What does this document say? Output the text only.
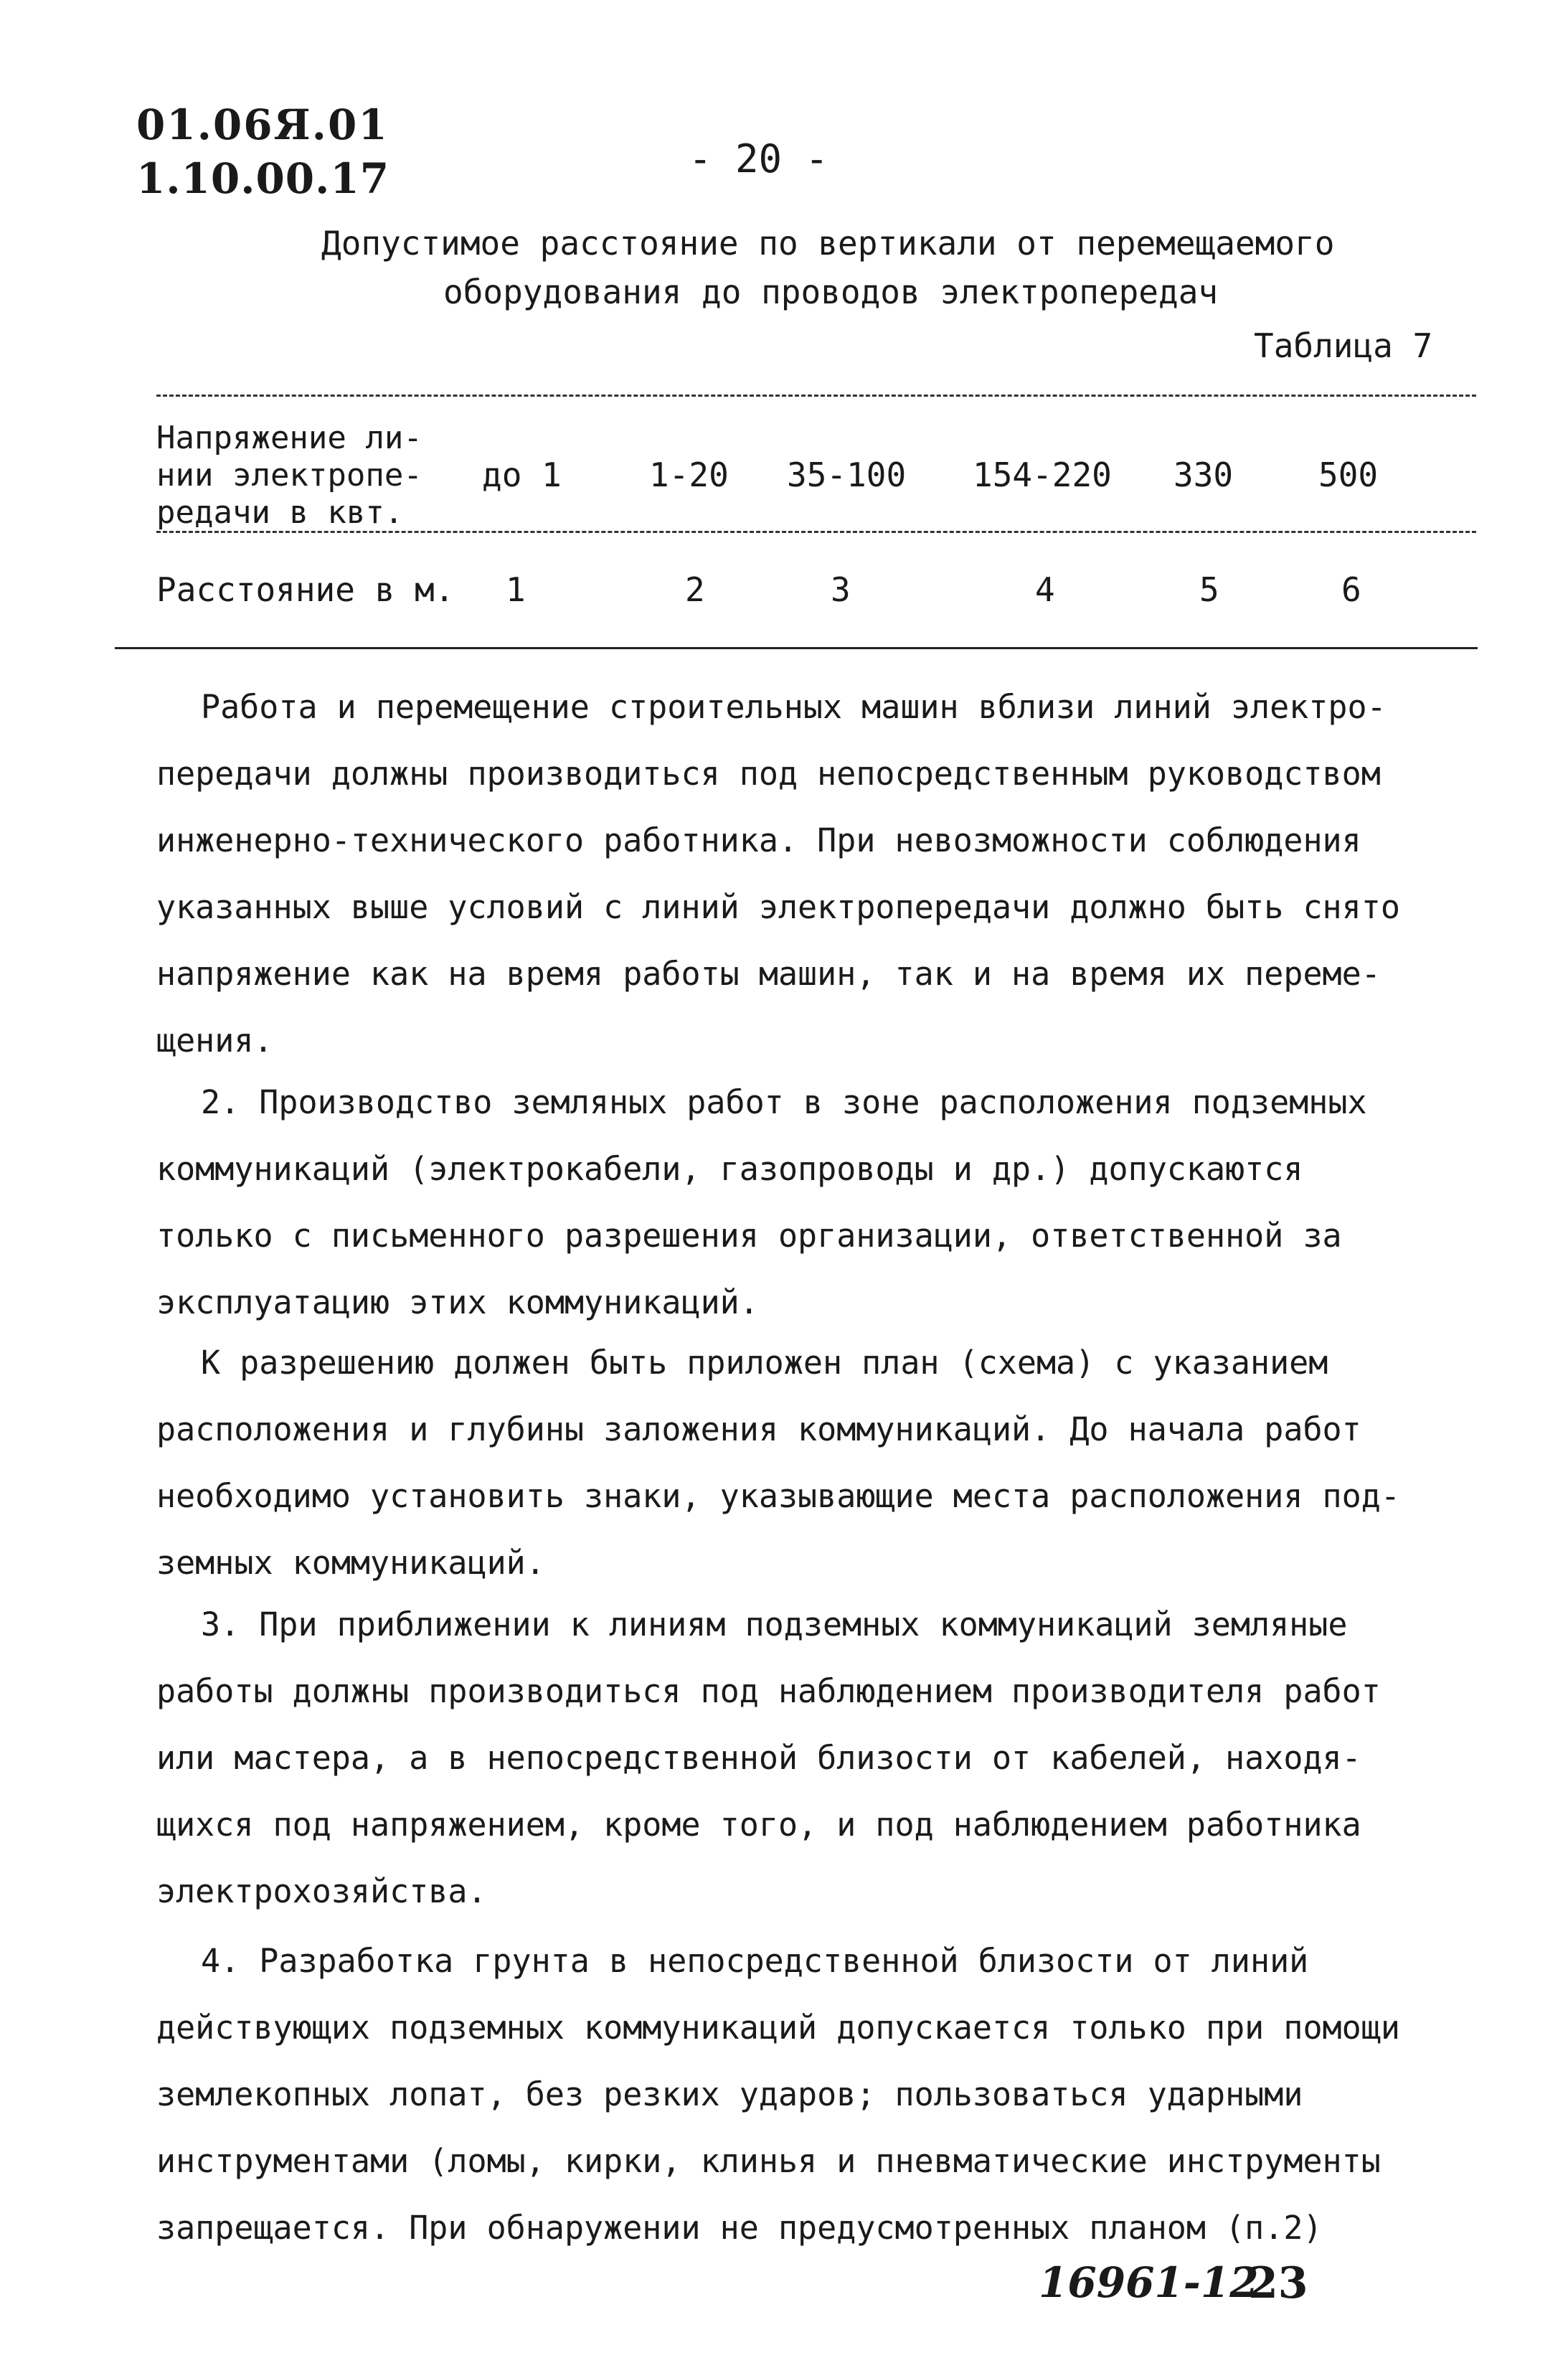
01.06Я.01
1.10.00.17	- 20 -
Допустимое расстояние по вертикали от перемещаемого
оборудования до проводов электропередач
Таблица 7
Напряжение ли-
нии электропе-
редачи в квт.
до 1	1-20 35-100 154-220 330	500
Расстояние в м. 1	2	3	4	5	6
Работа и перемещение строительных машин вблизи линий электро-
передачи должны производиться под непосредственным руководством
инженерно-технического работника. При невозможности соблюдения
указанных выше условий с линий электропередачи должно быть снято
напряжение как на время работы машин, так и на время их переме-
щения.
2. Производство земляных работ в зоне расположения подземных
коммуникаций (электрокабели, газопроводы и др.) допускаются
только с письменного разрешения организации, ответственной за
эксплуатацию этих коммуникаций.
К разрешению должен быть приложен план (схема) с указанием
расположения и глубины заложения коммуникаций. До начала работ
необходимо установить знаки, указывающие места расположения под-
земных коммуникаций.
3. При приближении к линиям подземных коммуникаций земляные
работы должны производиться под наблюдением производителя работ
или мастера, а в непосредственной близости от кабелей, находя-
щихся под напряжением, кроме того, и под наблюдением работника
электрохозяйства.
4. Разработка грунта в непосредственной близости от линий
действующих подземных коммуникаций допускается только при помощи
землекопных лопат, без резких ударов; пользоваться ударными
инструментами (ломы, кирки, клинья и пневматические инструменты
запрещается. При обнаружении не предусмотренных планом (п.2)
16961-12
23
